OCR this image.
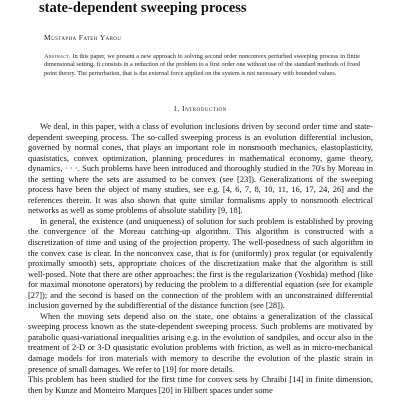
state-dependent sweeping process
Mustapha Fateh Yarou

Abstract. In this paper, we present a new approach to solving second order nonconvex perturbed sweeping process in finite dimensional setting. It consists in a reduction of the problem to a first order one without use of the standard methods of fixed point theory. The perturbation, that is the external force applied on the system is not necessary with bounded values.

1. Introduction

We deal, in this paper, with a class of evolution inclusions driven by second order time and state-dependent sweeping process. The so-called sweeping process is an evolution differential inclusion, governed by normal cones, that plays an important role in nonsmooth mechanics, elastoplasticity, quasistatics, convex optimization, planning procedures in mathematical economy, game theory, dynamics, · · ·. Such problems have been introduced and thoroughly studied in the 70's by Moreau in the setting where the sets are assumed to be convex (see [23]). Generalizations of the sweeping process have been the object of many studies, see e.g. [4, 6, 7, 8, 10, 11, 16, 17, 24, 26] and the references therein. It was also shown that quite similar formalisms apply to nonsmooth electrical networks as well as some problems of absolute stability [9, 18].

In general, the existence (and uniqueness) of solution for such problem is established by proving the convergence of the Moreau catching-up algorithm. This algorithm is constructed with a discretization of time and using of the projection property. The well-posedness of such algorithm in the convex case is clear. In the nonconvex case, that is for (uniformly) prox regular (or equivalently proximally smooth) sets, appropriate choices of the discretization make that the algorithm is still well-posed. Note that there are other approaches: the first is the regularization (Yoshida) method (like for maximal monotone operators) by reducing the problem to a differential equation (see for example [27]); and the second is based on the connection of the problem with an unconstrained differential inclusion governed by the subdifferential of the distance function (see [28]).

When the moving sets depend also on the state, one obtains a generalization of the classical sweeping process known as the state-dependent sweeping process. Such problems are motivated by parabolic quasi-variational inequalities arising e.g. in the evolution of sandpiles, and occur also in the treatment of 2-D or 3-D quasistatic evolution problems with friction, as well as in micro-mechanical damage models for iron materials with memory to describe the evolution of the plastic strain in presence of small damages. We refer to [19] for more details.

This problem has been studied for the first time for convex sets by Chraibi [14] in finite dimension, then by Kunze and Monteiro Marques [20] in Hilbert spaces under some
